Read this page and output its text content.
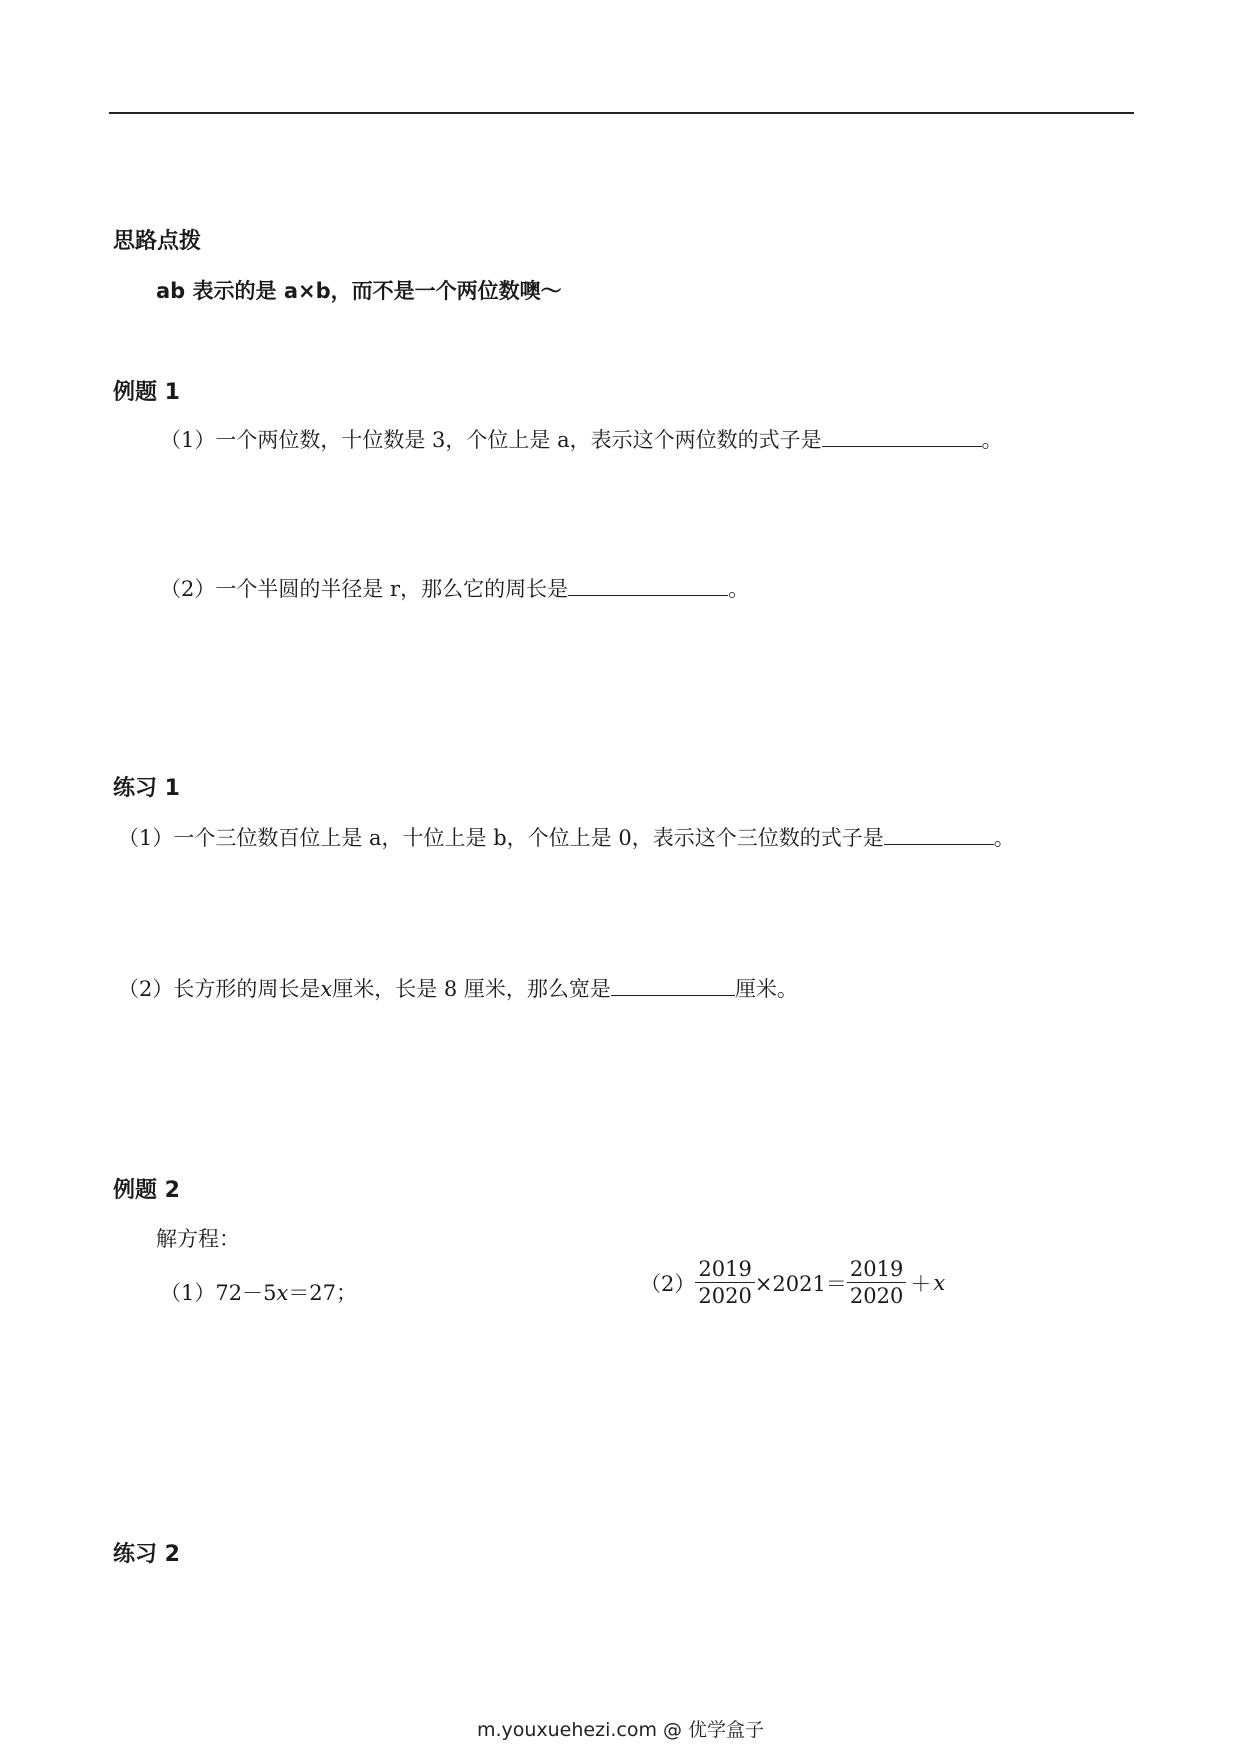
思路点拨
ab 表示的是 a×b，而不是一个两位数噢～
例题 1
（1）一个两位数，十位数是 3，个位上是 a，表示这个两位数的式子是	。
（2）一个半圆的半径是 r，那么它的周长是	。
练习 1
（1）一个三位数百位上是 a，十位上是 b，个位上是 0，表示这个三位数的式子是	。
（2）长方形的周长是x厘米，长是 8 厘米，那么宽是	厘米。
例题 2
解方程：
（1）72－5x＝27；	$(2) \frac{2019}{2020} \times 2021= \frac{2019}{2020} + x$
练习 2
m.youxuehezi.com @ 优学盒子
